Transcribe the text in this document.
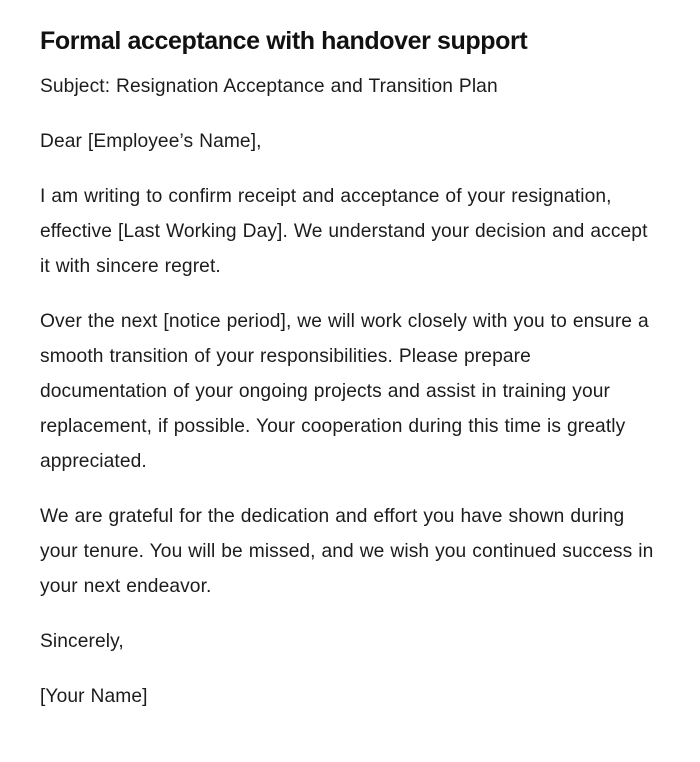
Formal acceptance with handover support

Subject: Resignation Acceptance and Transition Plan

Dear [Employee’s Name],

I am writing to confirm receipt and acceptance of your resignation, effective [Last Working Day]. We understand your decision and accept it with sincere regret.

Over the next [notice period], we will work closely with you to ensure a smooth transition of your responsibilities. Please prepare documentation of your ongoing projects and assist in training your replacement, if possible. Your cooperation during this time is greatly appreciated.

We are grateful for the dedication and effort you have shown during your tenure. You will be missed, and we wish you continued success in your next endeavor.

Sincerely,

[Your Name]
